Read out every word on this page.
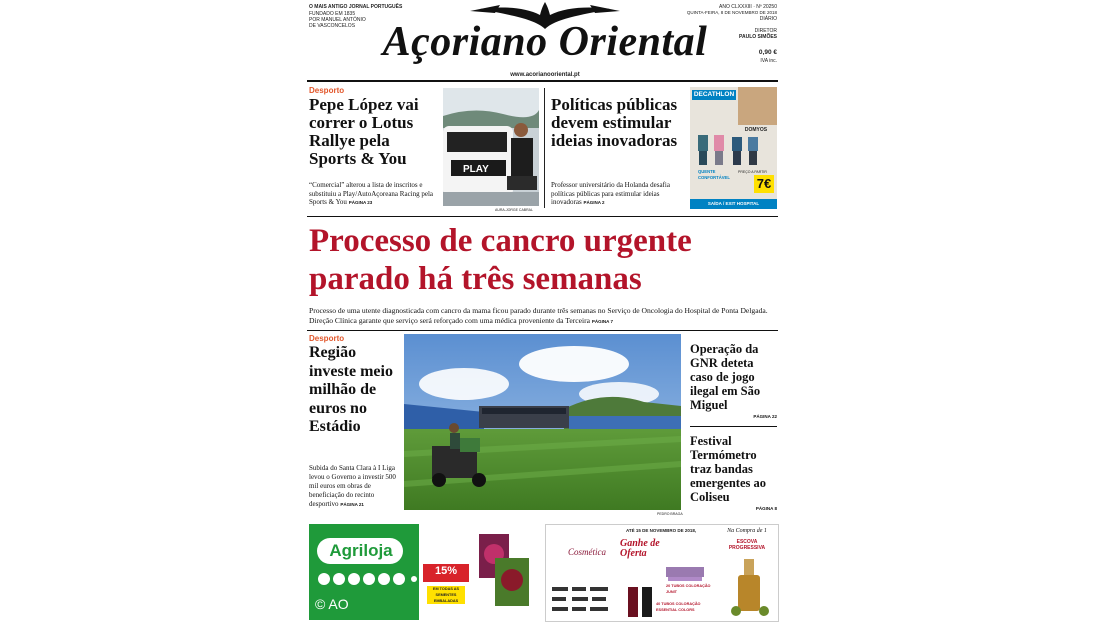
O MAIS ANTIGO JORNAL PORTUGUÊS
FUNDADO EM 1835
POR MANUEL ANTÓNIO
DE VASCONCELOS Açoriano Oriental
www.acorianooriental.pt
ANO CLXXXIII · Nº 20250
QUINTA-FEIRA, 8 DE NOVEMBRO DE 2018
DIÁRIO
DIRETOR
PAULO SIMÕES
0,90 €
IVA inc.
Desporto
Pepe López vai correr o Lotus Rallye pela Sports & You
“Comercial” alterou a lista de inscritos e substituiu a Play/AutoAçoreana Racing pela Sports & You PÁGINA 23
PLAY
AURA-JORGE CABRAL
Políticas públicas devem estimular ideias inovadoras
Professor universitário da Holanda desafia políticas públicas para estimular ideias inovadoras PÁGINA 2
DECATHLON
DOMYOS
QUENTE CONFORTÁVEL
PREÇO A PARTIR
7€
SAÍDA / EXIT HOSPITAL
Processo de cancro urgente
parado há três semanas
Processo de uma utente diagnosticada com cancro da mama ficou parado durante três semanas no Serviço de Oncologia do Hospital de Ponta Delgada. Direção Clínica garante que serviço será reforçado com uma médica proveniente da Terceira PÁGINA 7
Desporto
Região investe meio milhão de euros no Estádio
Subida do Santa Clara à I Liga levou o Governo a investir 500 mil euros em obras de beneficiação do recinto desportivo PÁGINA 21
PEDRO BRAGA
Operação da GNR deteta caso de jogo ilegal em São Miguel
PÁGINA 22
Festival Termómetro traz bandas emergentes ao Coliseu
PÁGINA 8
Agriloja
© AO
15%
DESCONTO DIRETO
EM TODAS AS SEMENTES EMBALADAS
ATÉ 15 DE NOVEMBRO DE 2018,
Cosmética
Ganhe de Oferta
20 TUBOS COLORAÇÃO JUNIT
40 TUBOS COLORAÇÃO ESSENTIAL COLORS
Na Compra de 1
ESCOVA PROGRESSIVA
